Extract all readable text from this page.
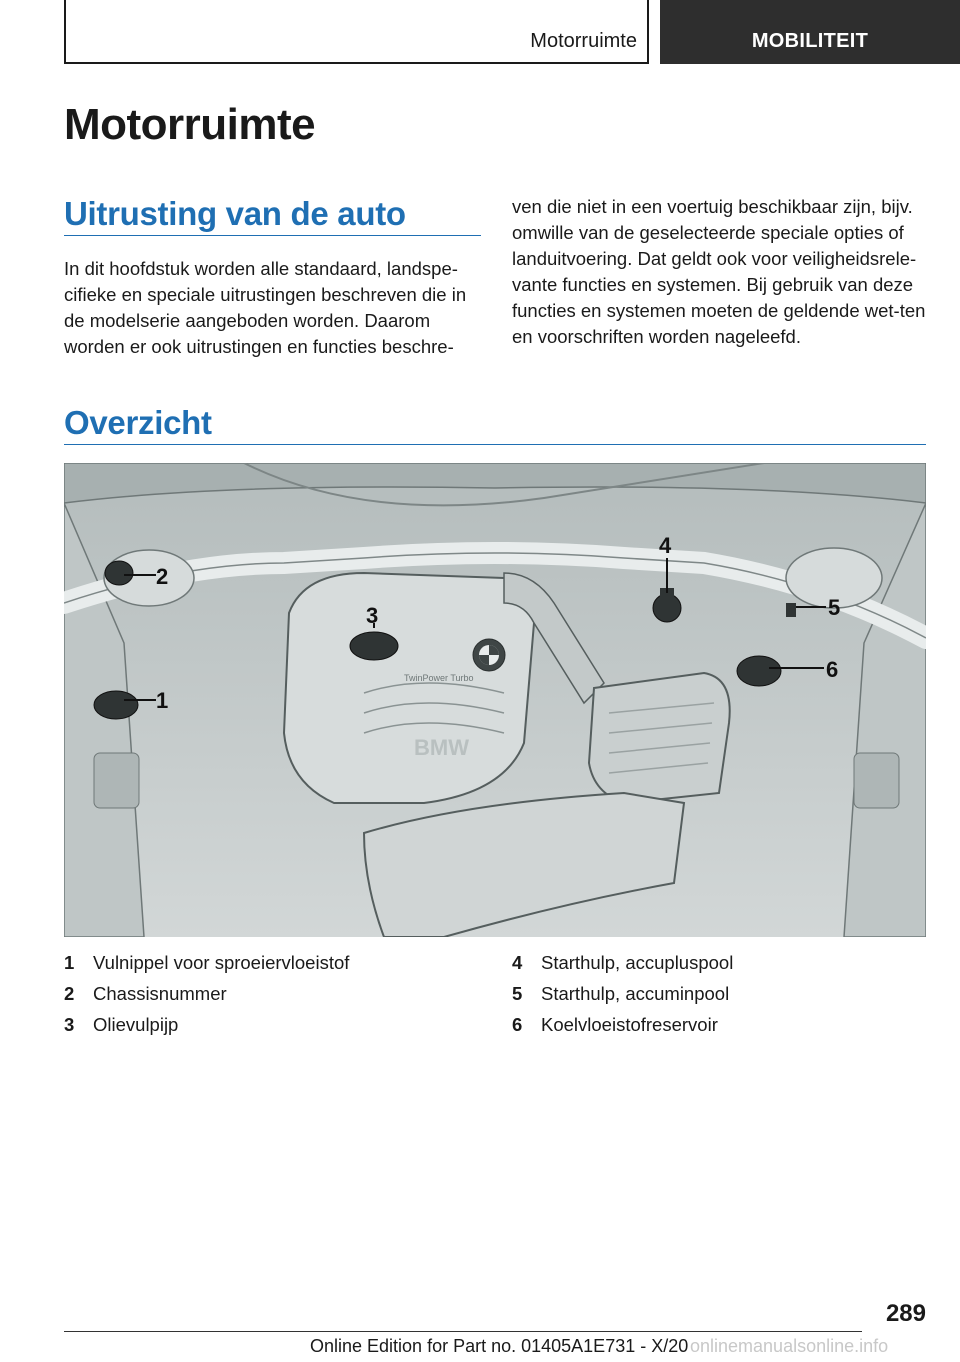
Motorruimte	MOBILITEIT
Motorruimte
Uitrusting van de auto

In dit hoofdstuk worden alle standaard, landspe-cifieke en speciale uitrustingen beschreven die in de modelserie aangeboden worden. Daarom worden er ook uitrustingen en functies beschre-

ven die niet in een voertuig beschikbaar zijn, bijv. omwille van de geselecteerde speciale opties of landuitvoering. Dat geldt ook voor veiligheidsrele-vante functies en systemen. Bij gebruik van deze functies en systemen moeten de geldende wet-ten en voorschriften worden nageleefd.

Overzicht
BMW
TwinPower Turbo
1
2
3
4
5
6
1 Vulnippel voor sproeiervloeistof
2 Chassisnummer
3 Olievulpijp
4 Starthulp, accupluspool
5 Starthulp, accuminpool
6 Koelvloeistofreservoir
289
onlinemanualsonline.info
Online Edition for Part no. 01405A1E731 - X/20
